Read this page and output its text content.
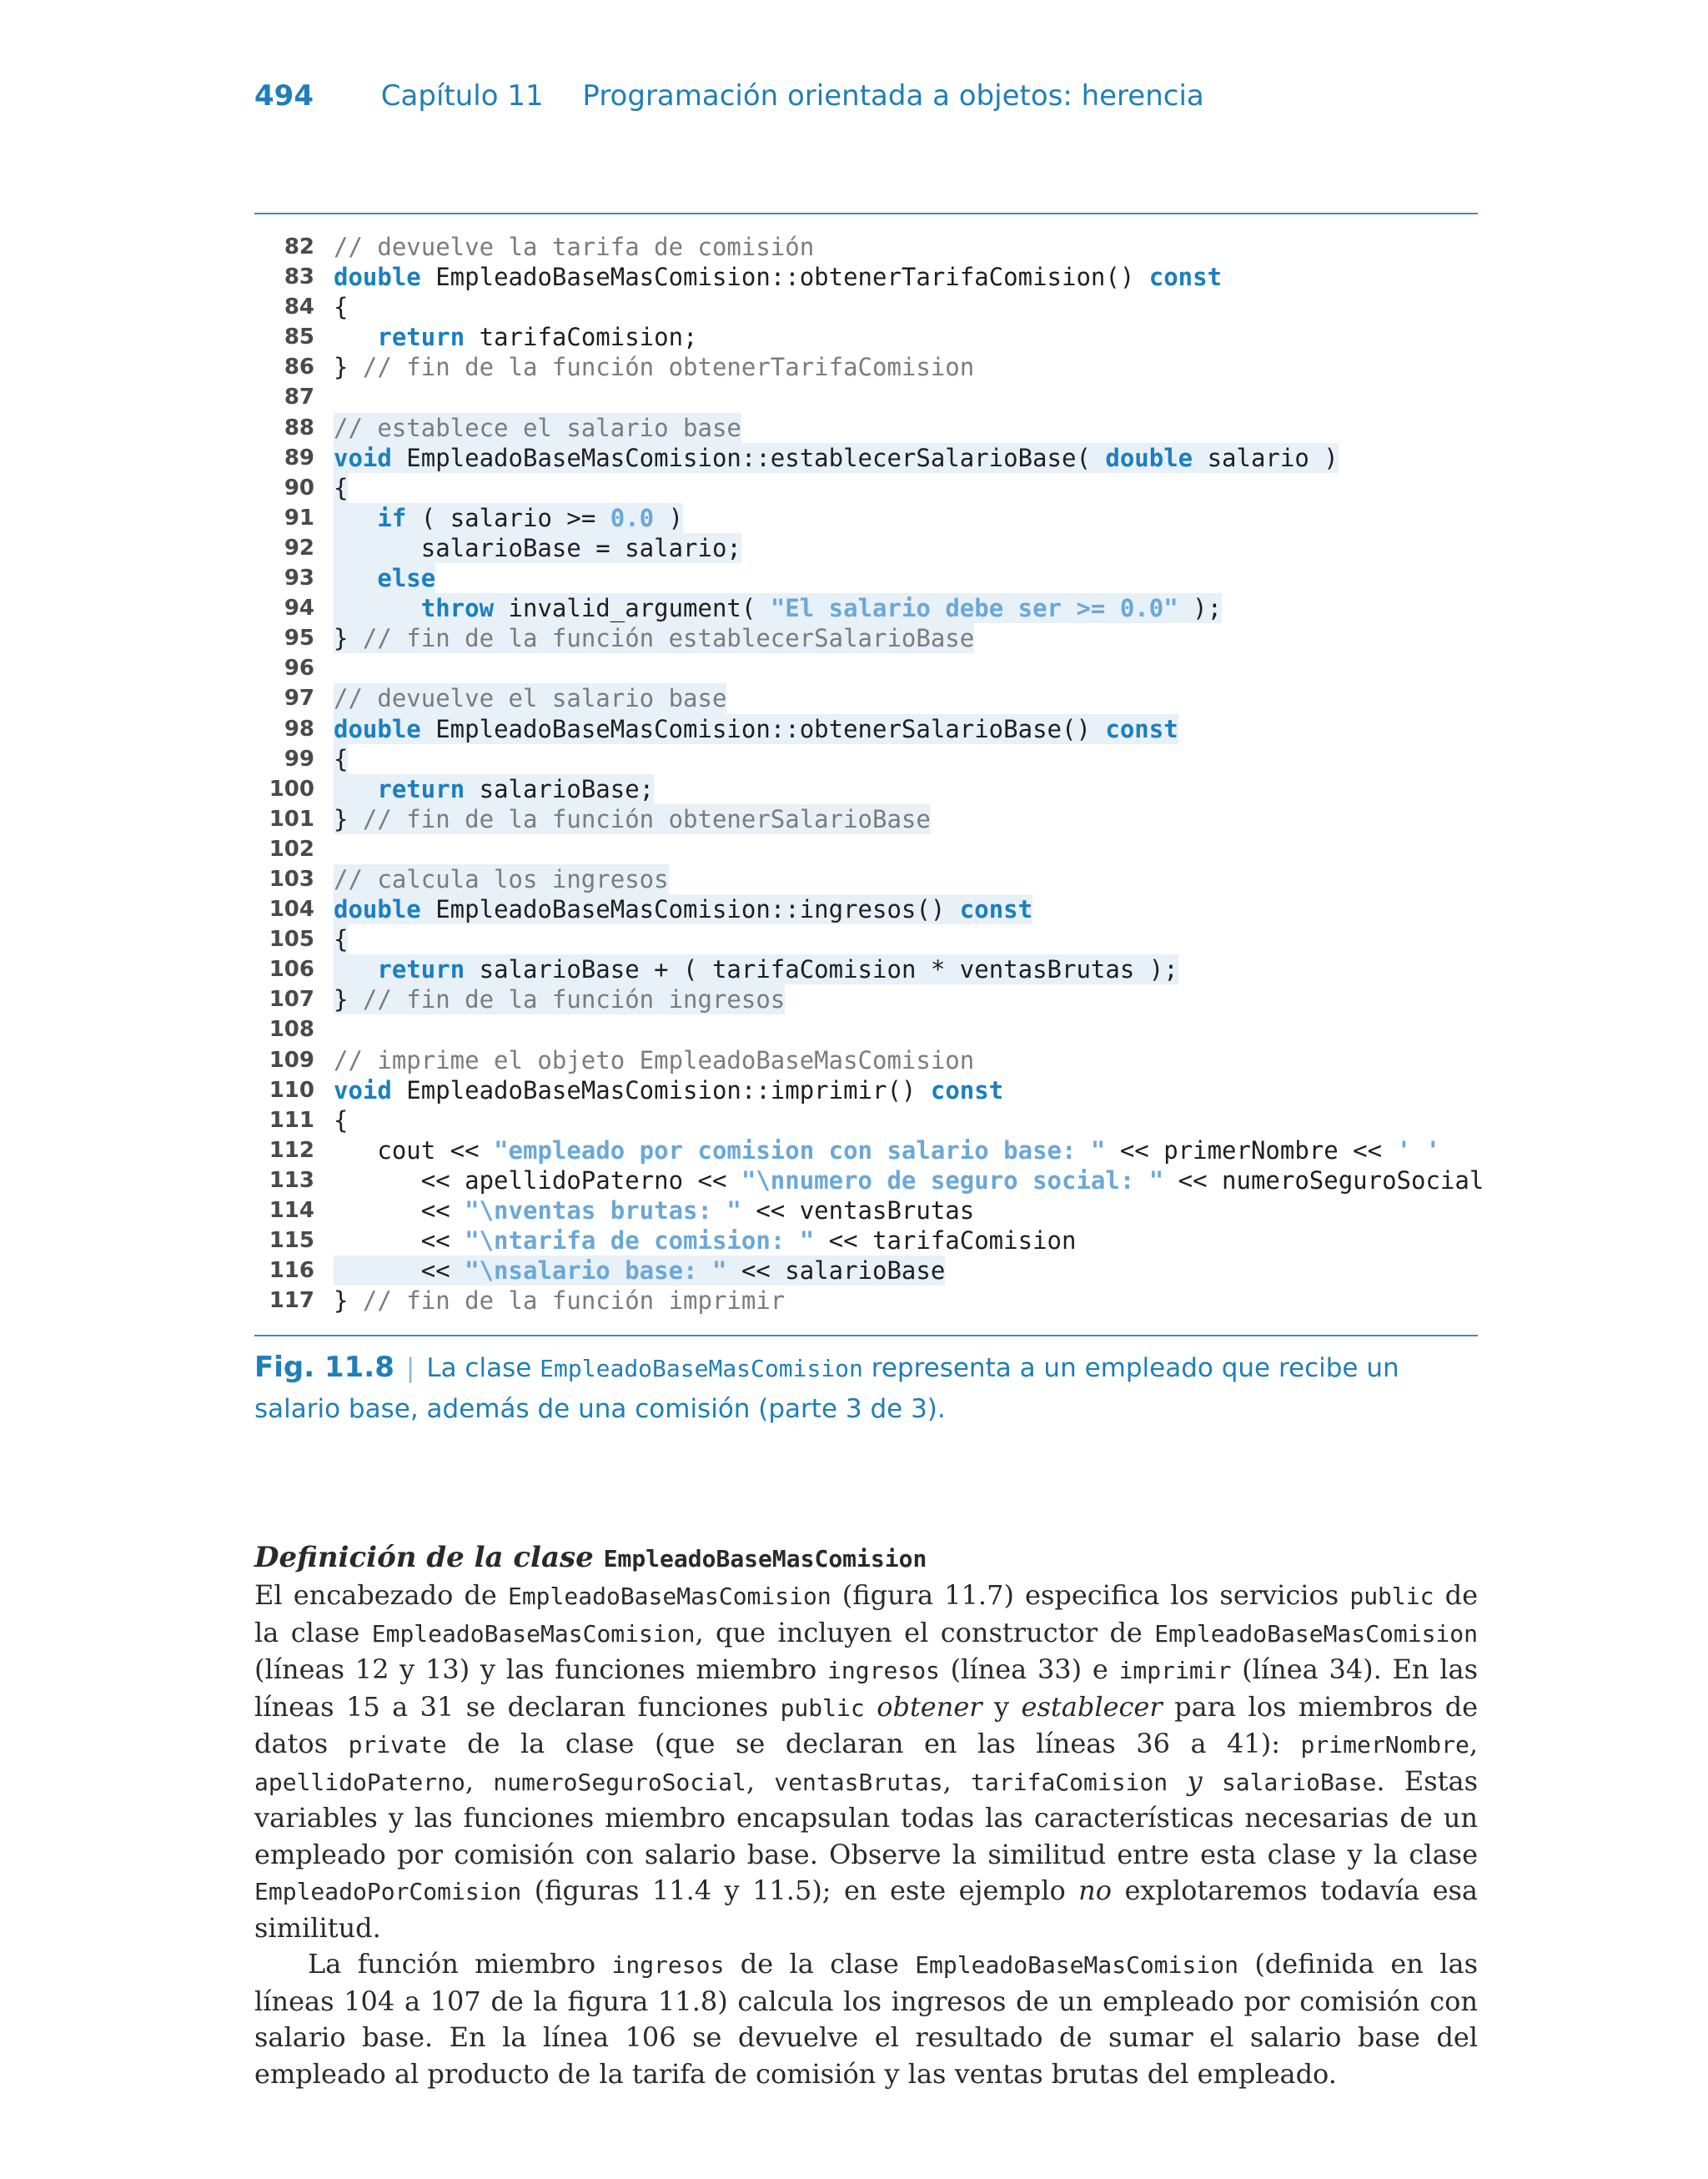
494 Capítulo 11 Programación orientada a objetos: herencia
82 // devuelve la tarifa de comisión
83 double EmpleadoBaseMasComision::obtenerTarifaComision() const
84 {
85	return tarifaComision;
86 } // fin de la función obtenerTarifaComision
87
88 // establece el salario base
89 void EmpleadoBaseMasComision::establecerSalarioBase( double salario )
90 {
91	if ( salario >= 0.0 )
92 salarioBase = salario;
93	else
94	throw invalid_argument( "El salario debe ser >= 0.0" );
95 } // fin de la función establecerSalarioBase
96
97 // devuelve el salario base
98 double EmpleadoBaseMasComision::obtenerSalarioBase() const
99 {
100	return salarioBase;
101 } // fin de la función obtenerSalarioBase
102
103 // calcula los ingresos
104 double EmpleadoBaseMasComision::ingresos() const
105 {
106	return salarioBase + ( tarifaComision * ventasBrutas );
107 } // fin de la función ingresos
108
109 // imprime el objeto EmpleadoBaseMasComision
110 void EmpleadoBaseMasComision::imprimir() const
111 {
112 cout << "empleado por comision con salario base: " << primerNombre << ' '
113 << apellidoPaterno << "\nnumero de seguro social: " << numeroSeguroSocial
114 << "\nventas brutas: " << ventasBrutas
115 << "\ntarifa de comision: " << tarifaComision
116 << "\nsalario base: " << salarioBase
117 } // fin de la función imprimir
Fig. 11.8 | La clase EmpleadoBaseMasComision representa a un empleado que recibe un salario base, además de una comisión (parte 3 de 3).
Definición de la clase EmpleadoBaseMasComision

El encabezado de EmpleadoBaseMasComision (figura 11.7) especifica los servicios public de la clase EmpleadoBaseMasComision, que incluyen el constructor de EmpleadoBaseMasComision (líneas 12 y 13) y las funciones miembro ingresos (línea 33) e imprimir (línea 34). En las líneas 15 a 31 se declaran funciones public obtener y establecer para los miembros de datos private de la clase (que se declaran en las líneas 36 a 41): primerNombre, apellidoPaterno, numeroSeguroSocial, ventasBrutas, tarifaComision y salarioBase. Estas variables y las funciones miembro encapsulan todas las características necesarias de un empleado por comisión con salario base. Observe la similitud entre esta clase y la clase EmpleadoPorComision (figuras 11.4 y 11.5); en este ejemplo no explotaremos todavía esa similitud.

La función miembro ingresos de la clase EmpleadoBaseMasComision (definida en las líneas 104 a 107 de la figura 11.8) calcula los ingresos de un empleado por comisión con salario base. En la línea 106 se devuelve el resultado de sumar el salario base del empleado al producto de la tarifa de comisión y las ventas brutas del empleado.
